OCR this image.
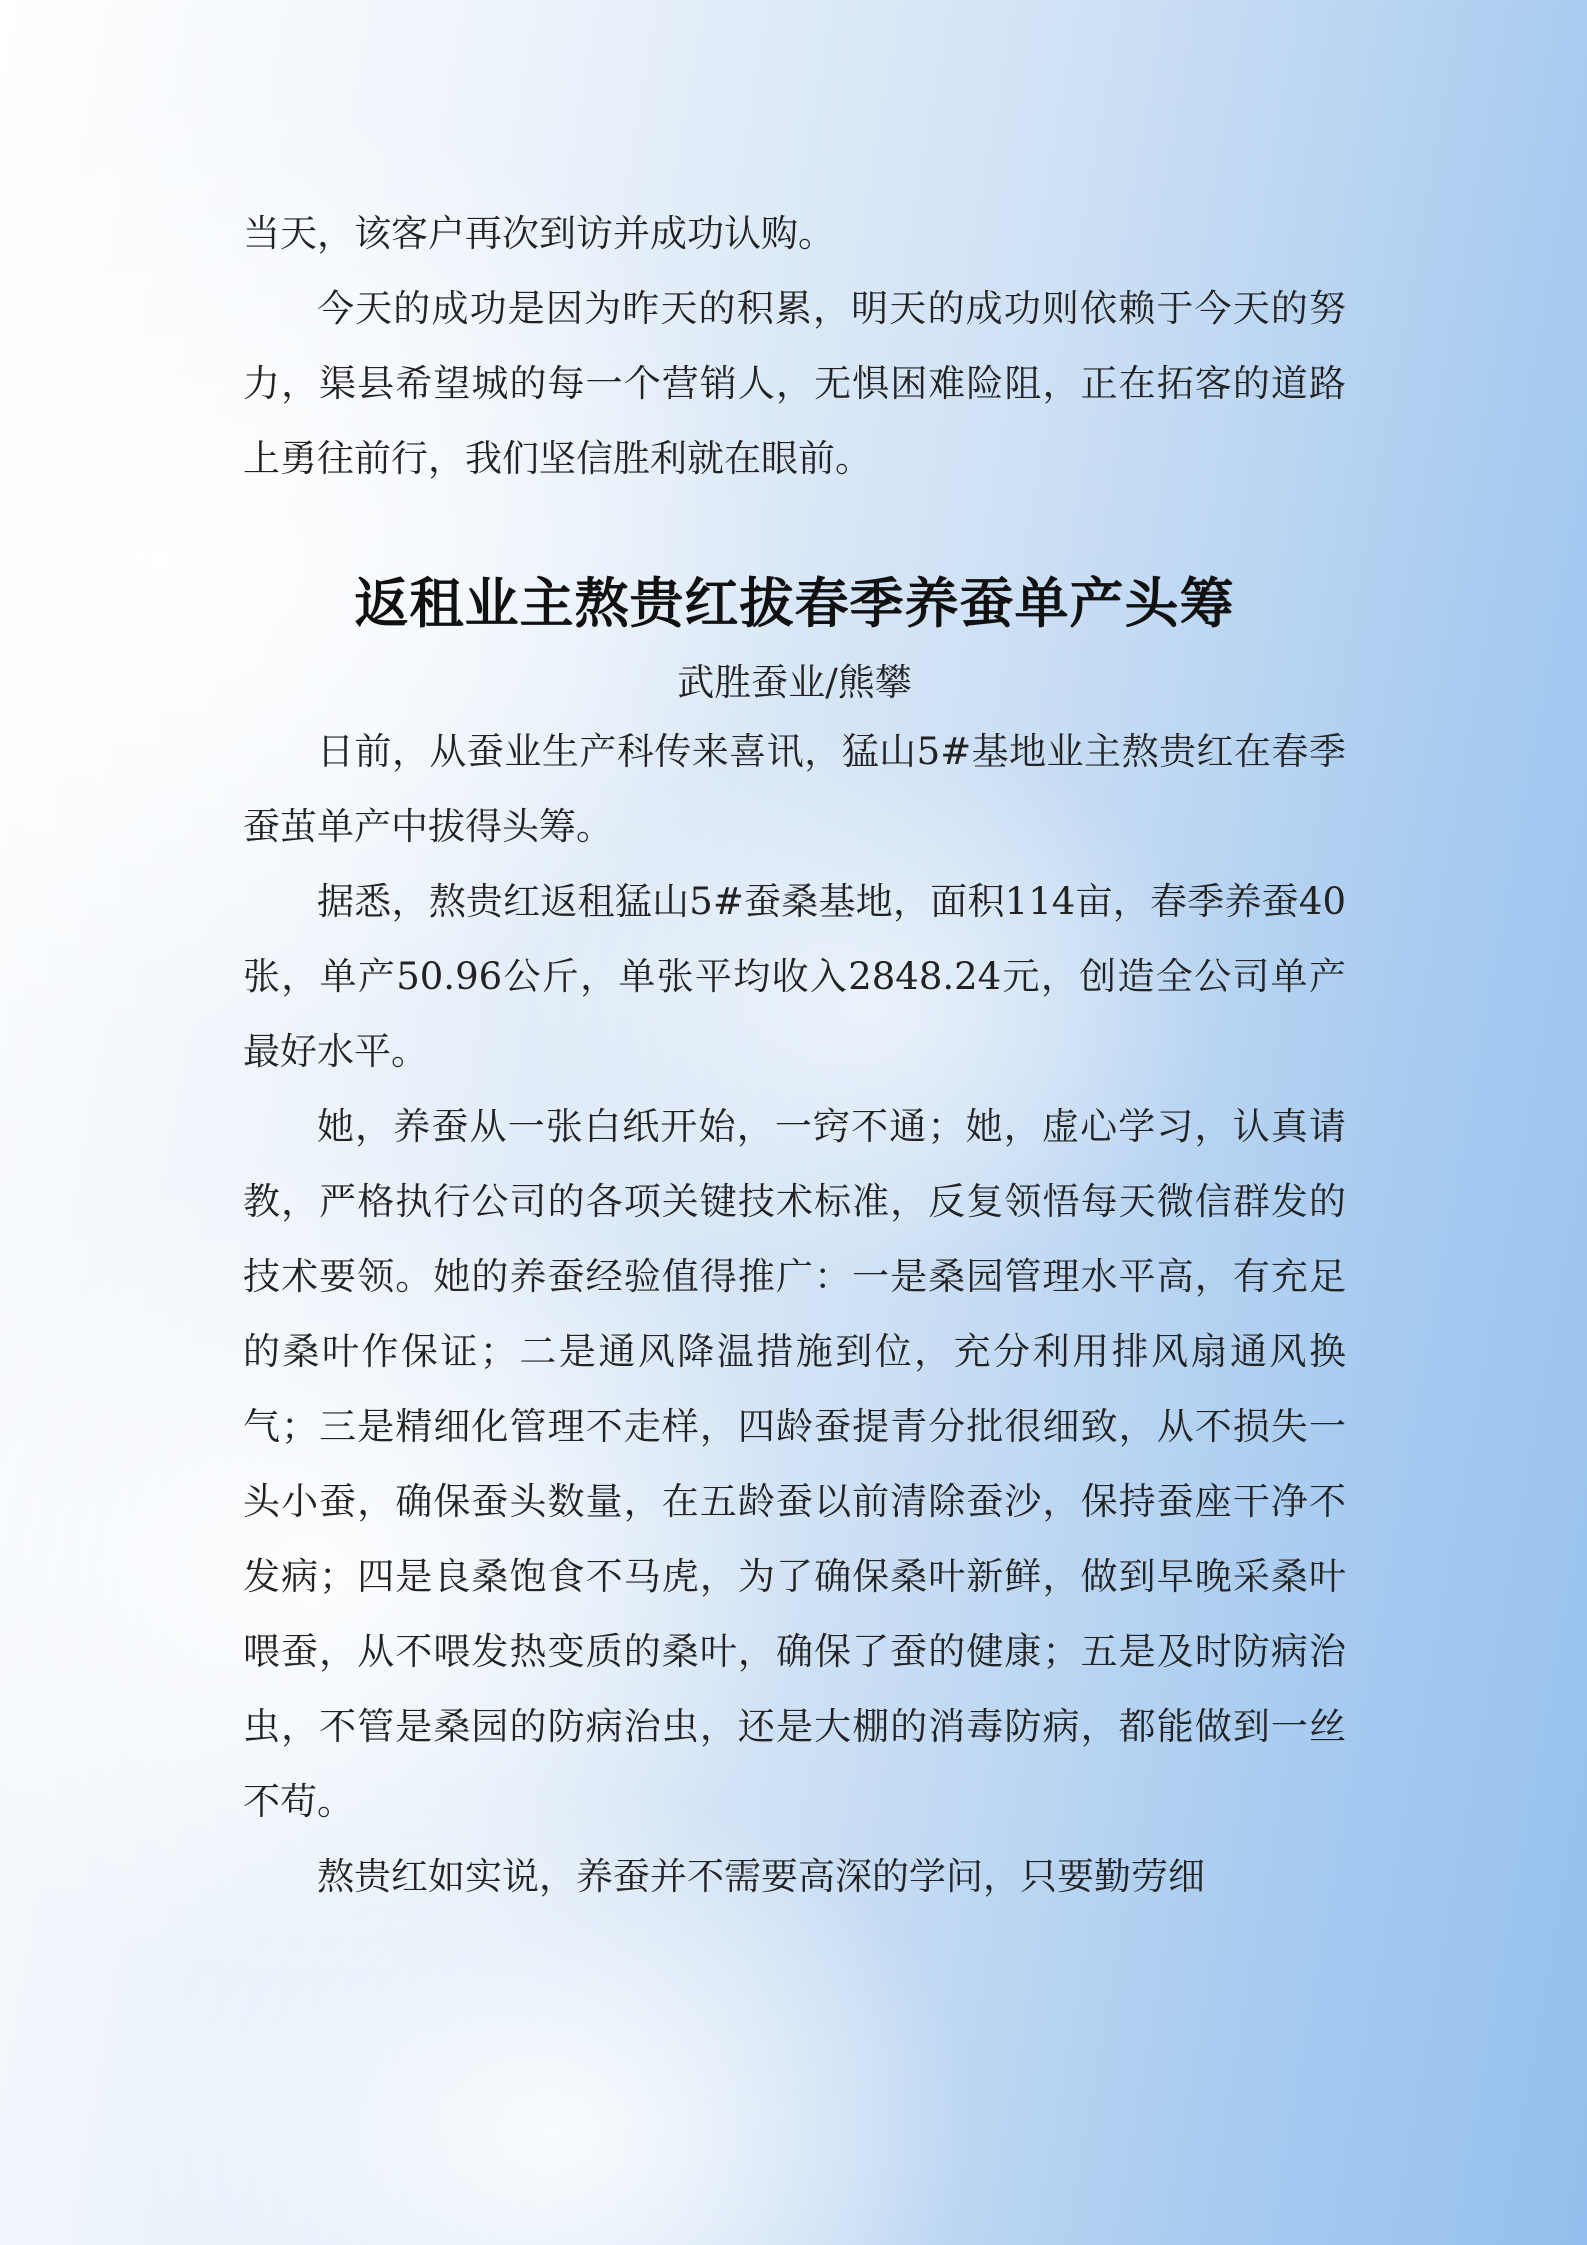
当天，该客户再次到访并成功认购。

今天的成功是因为昨天的积累，明天的成功则依赖于今天的努力，渠县希望城的每一个营销人，无惧困难险阻，正在拓客的道路上勇往前行，我们坚信胜利就在眼前。

返租业主熬贵红拔春季养蚕单产头筹

武胜蚕业/熊攀

日前，从蚕业生产科传来喜讯，猛山5#基地业主熬贵红在春季蚕茧单产中拔得头筹。

据悉，熬贵红返租猛山5#蚕桑基地，面积114亩，春季养蚕40张，单产50.96公斤，单张平均收入2848.24元，创造全公司单产最好水平。

她，养蚕从一张白纸开始，一窍不通；她，虚心学习，认真请教，严格执行公司的各项关键技术标准，反复领悟每天微信群发的技术要领。她的养蚕经验值得推广：一是桑园管理水平高，有充足的桑叶作保证；二是通风降温措施到位，充分利用排风扇通风换气；三是精细化管理不走样，四龄蚕提青分批很细致，从不损失一头小蚕，确保蚕头数量，在五龄蚕以前清除蚕沙，保持蚕座干净不发病；四是良桑饱食不马虎，为了确保桑叶新鲜，做到早晚采桑叶喂蚕，从不喂发热变质的桑叶，确保了蚕的健康；五是及时防病治虫，不管是桑园的防病治虫，还是大棚的消毒防病，都能做到一丝不苟。

熬贵红如实说，养蚕并不需要高深的学问，只要勤劳细
